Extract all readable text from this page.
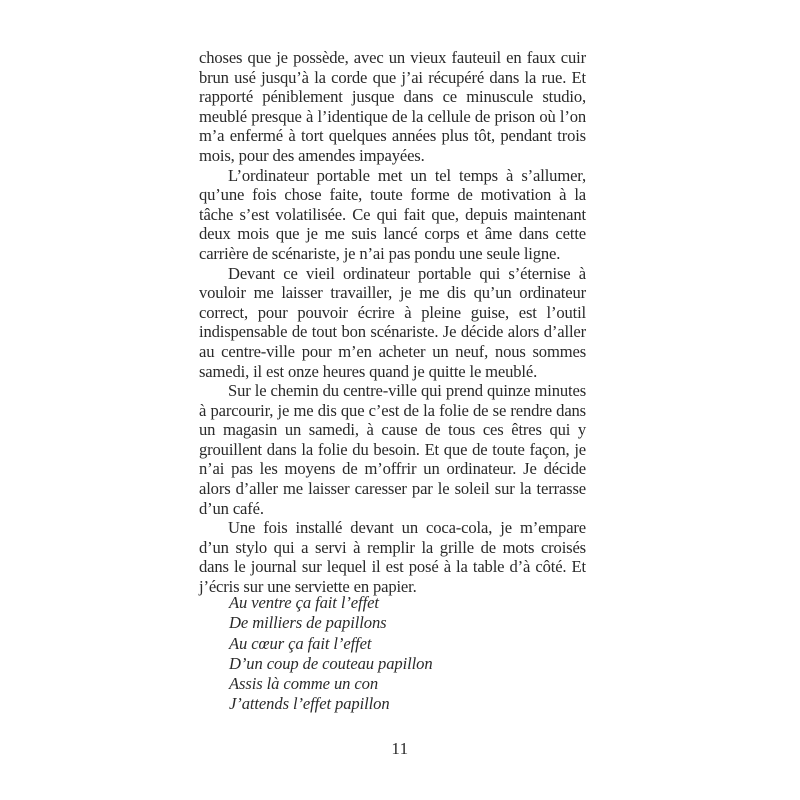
choses que je possède, avec un vieux fauteuil en faux cuir brun usé jusqu’à la corde que j’ai récupéré dans la rue. Et rapporté péniblement jusque dans ce minuscule studio, meublé presque à l’identique de la cellule de prison où l’on m’a enfermé à tort quelques années plus tôt, pendant trois mois, pour des amendes impayées.

L’ordinateur portable met un tel temps à s’allumer, qu’une fois chose faite, toute forme de motivation à la tâche s’est volatilisée. Ce qui fait que, depuis maintenant deux mois que je me suis lancé corps et âme dans cette carrière de scénariste, je n’ai pas pondu une seule ligne.

Devant ce vieil ordinateur portable qui s’éternise à vouloir me laisser travailler, je me dis qu’un ordinateur correct, pour pouvoir écrire à pleine guise, est l’outil indispensable de tout bon scénariste. Je décide alors d’aller au centre-ville pour m’en acheter un neuf, nous sommes samedi, il est onze heures quand je quitte le meublé.

Sur le chemin du centre-ville qui prend quinze minutes à parcourir, je me dis que c’est de la folie de se rendre dans un magasin un samedi, à cause de tous ces êtres qui y grouillent dans la folie du besoin. Et que de toute façon, je n’ai pas les moyens de m’offrir un ordinateur. Je décide alors d’aller me laisser caresser par le soleil sur la terrasse d’un café.

Une fois installé devant un coca-cola, je m’empare d’un stylo qui a servi à remplir la grille de mots croisés dans le journal sur lequel il est posé à la table d’à côté. Et j’écris sur une serviette en papier.

Au ventre ça fait l’effet
De milliers de papillons
Au cœur ça fait l’effet
D’un coup de couteau papillon
Assis là comme un con
J’attends l’effet papillon
11
